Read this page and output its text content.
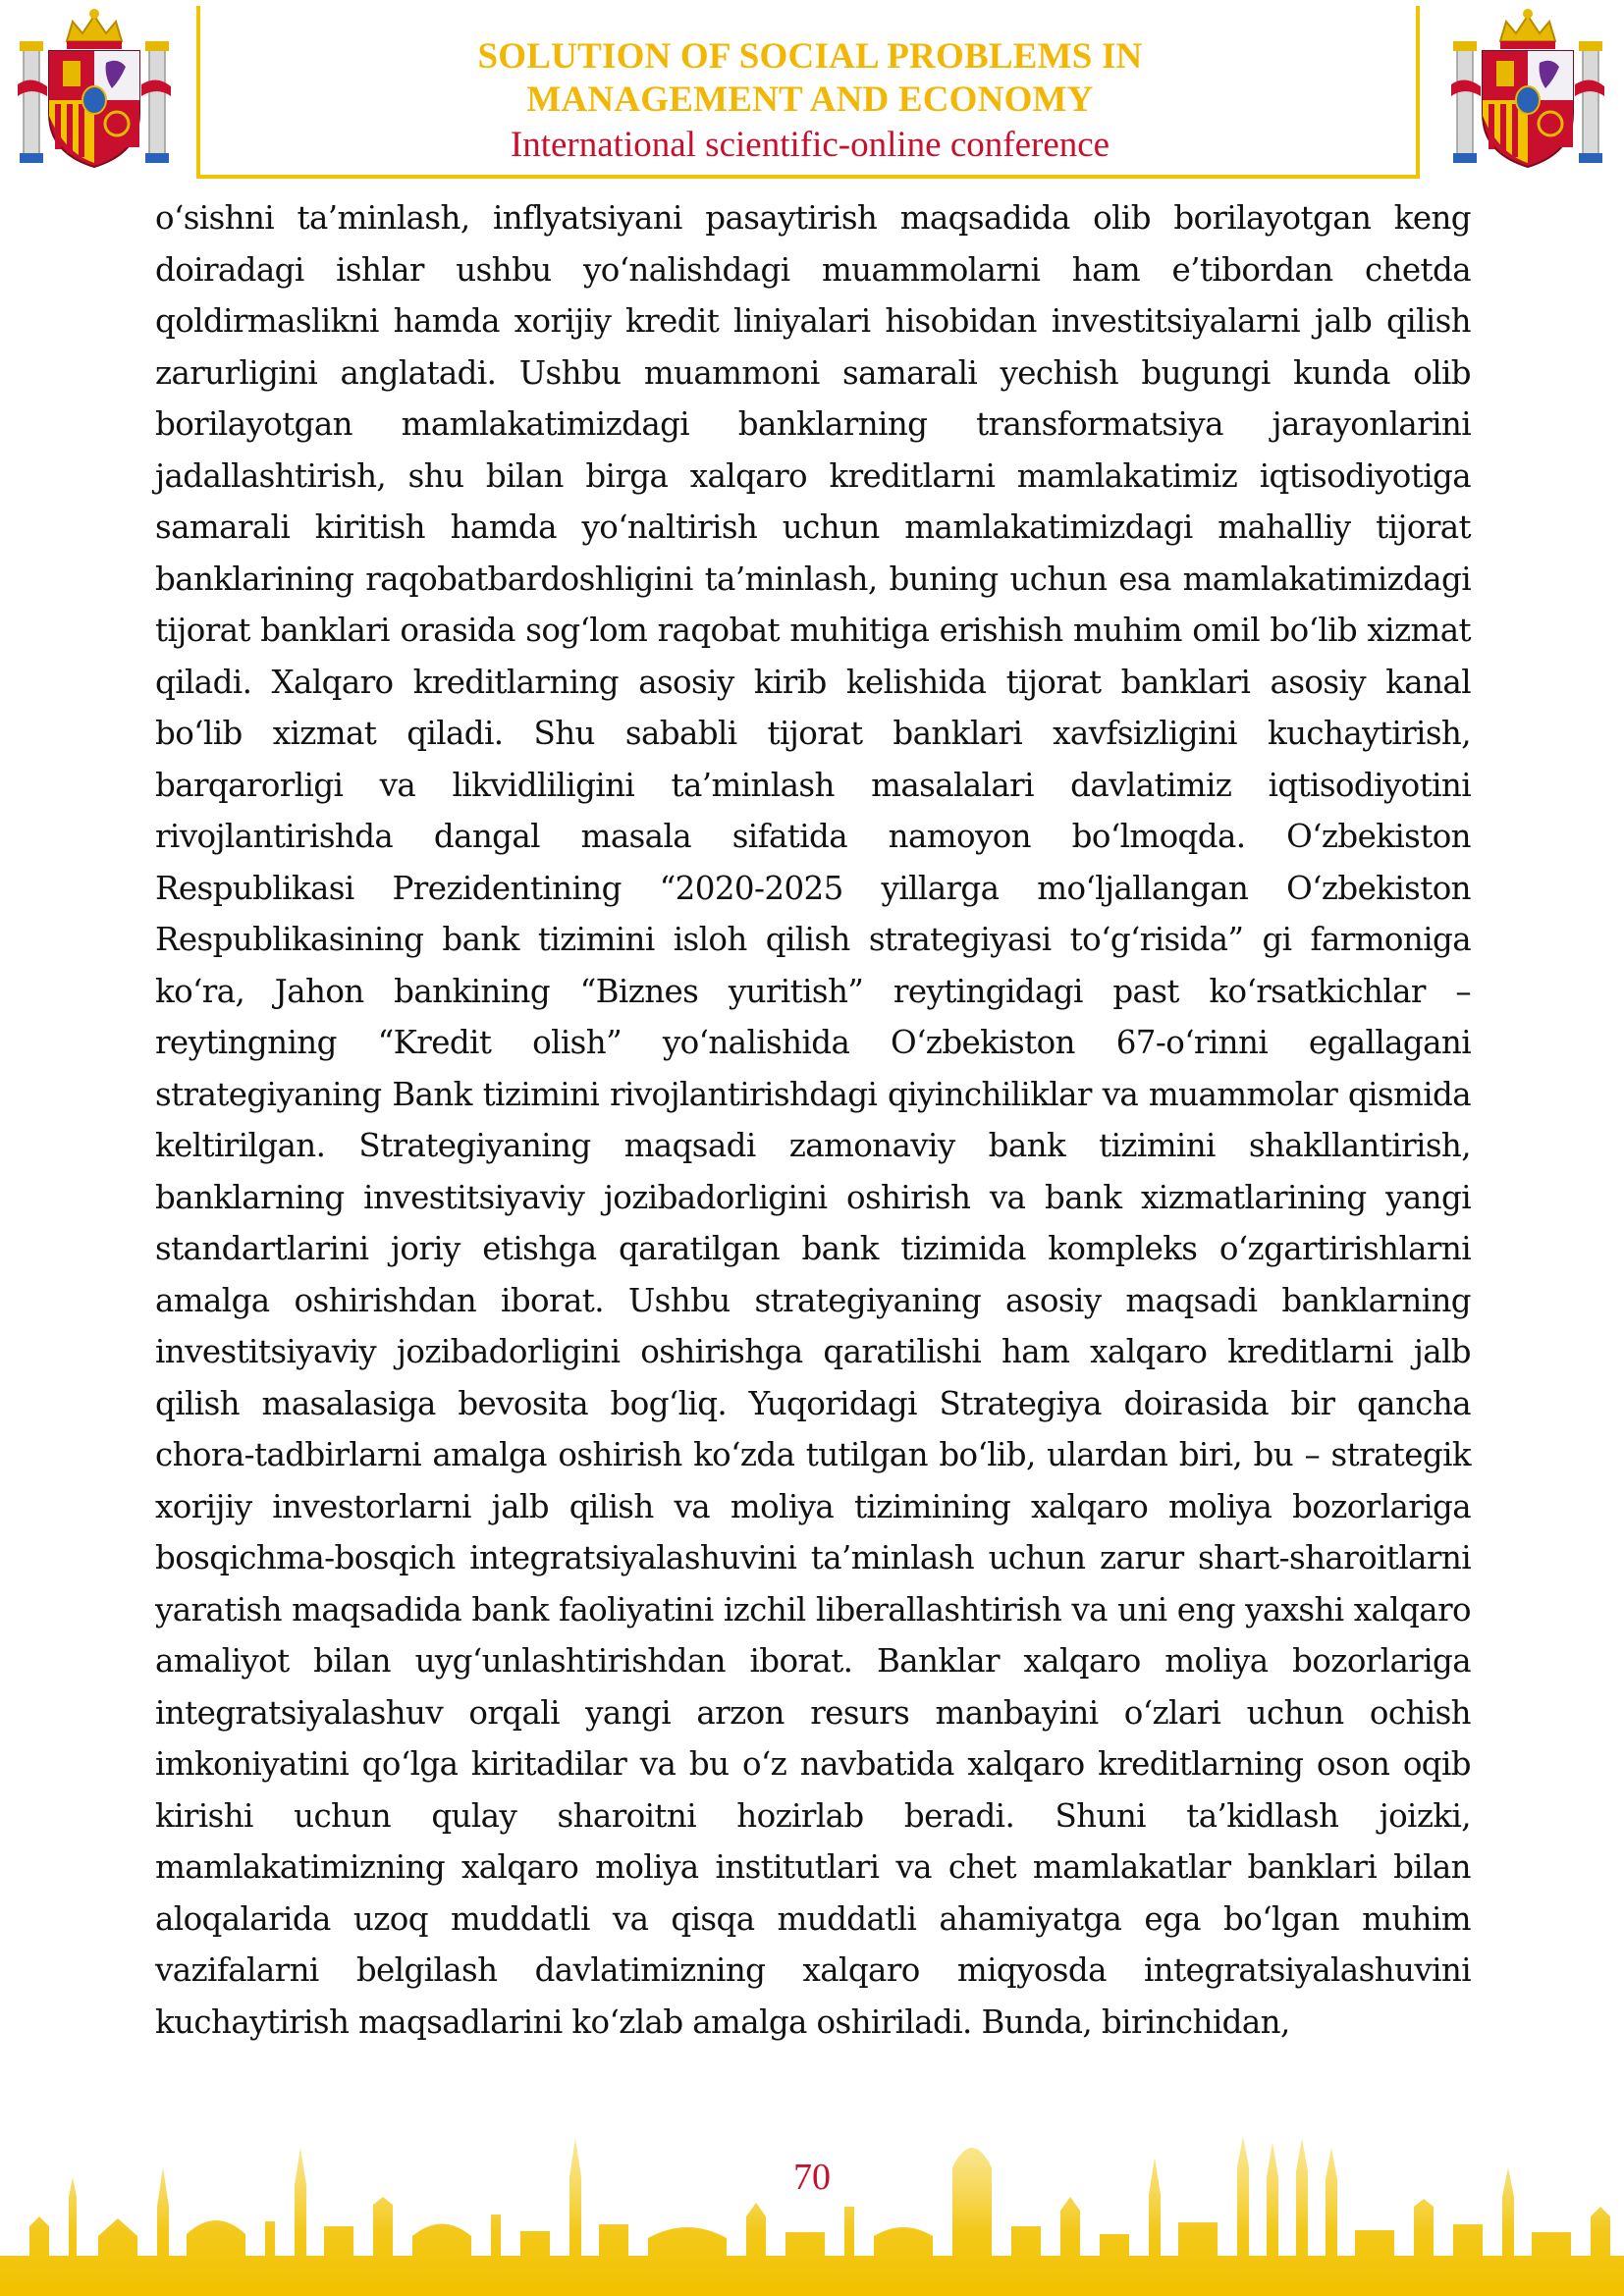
SOLUTION OF SOCIAL PROBLEMS IN
MANAGEMENT AND ECONOMY
International scientific-online conference
o‘sishni ta’minlash, inflyatsiyani pasaytirish maqsadida olib borilayotgan keng doiradagi ishlar ushbu yo‘nalishdagi muammolarni ham e’tibordan chetda qoldirmaslikni hamda xorijiy kredit liniyalari hisobidan investitsiyalarni jalb qilish zarurligini anglatadi. Ushbu muammoni samarali yechish bugungi kunda olib borilayotgan mamlakatimizdagi banklarning transformatsiya jarayonlarini jadallashtirish, shu bilan birga xalqaro kreditlarni mamlakatimiz iqtisodiyotiga samarali kiritish hamda yo‘naltirish uchun mamlakatimizdagi mahalliy tijorat banklarining raqobatbardoshligini ta’minlash, buning uchun esa mamlakatimizdagi tijorat banklari orasida sog‘lom raqobat muhitiga erishish muhim omil bo‘lib xizmat qiladi. Xalqaro kreditlarning asosiy kirib kelishida tijorat banklari asosiy kanal bo‘lib xizmat qiladi. Shu sababli tijorat banklari xavfsizligini kuchaytirish, barqarorligi va likvidliligini ta’minlash masalalari davlatimiz iqtisodiyotini rivojlantirishda dangal masala sifatida namoyon bo‘lmoqda. O‘zbekiston Respublikasi Prezidentining “2020-2025 yillarga mo‘ljallangan O‘zbekiston Respublikasining bank tizimini isloh qilish strategiyasi to‘g‘risida” gi farmoniga ko‘ra, Jahon bankining “Biznes yuritish” reytingidagi past ko‘rsatkichlar – reytingning “Kredit olish” yo‘nalishida O‘zbekiston 67-o‘rinni egallagani strategiyaning Bank tizimini rivojlantirishdagi qiyinchiliklar va muammolar qismida keltirilgan. Strategiyaning maqsadi zamonaviy bank tizimini shakllantirish, banklarning investitsiyaviy jozibadorligini oshirish va bank xizmatlarining yangi standartlarini joriy etishga qaratilgan bank tizimida kompleks o‘zgartirishlarni amalga oshirishdan iborat. Ushbu strategiyaning asosiy maqsadi banklarning investitsiyaviy jozibadorligini oshirishga qaratilishi ham xalqaro kreditlarni jalb qilish masalasiga bevosita bog‘liq. Yuqoridagi Strategiya doirasida bir qancha chora-tadbirlarni amalga oshirish ko‘zda tutilgan bo‘lib, ulardan biri, bu – strategik xorijiy investorlarni jalb qilish va moliya tizimining xalqaro moliya bozorlariga bosqichma-bosqich integratsiyalashuvini ta’minlash uchun zarur shart-sharoitlarni yaratish maqsadida bank faoliyatini izchil liberallashtirish va uni eng yaxshi xalqaro amaliyot bilan uyg‘unlashtirishdan iborat. Banklar xalqaro moliya bozorlariga integratsiyalashuv orqali yangi arzon resurs manbayini o‘zlari uchun ochish imkoniyatini qo‘lga kiritadilar va bu o‘z navbatida xalqaro kreditlarning oson oqib kirishi uchun qulay sharoitni hozirlab beradi. Shuni ta’kidlash joizki, mamlakatimizning xalqaro moliya institutlari va chet mamlakatlar banklari bilan aloqalarida uzoq muddatli va qisqa muddatli ahamiyatga ega bo‘lgan muhim vazifalarni belgilash davlatimizning xalqaro miqyosda integratsiyalashuvini kuchaytirish maqsadlarini ko‘zlab amalga oshiriladi. Bunda, birinchidan,
70
